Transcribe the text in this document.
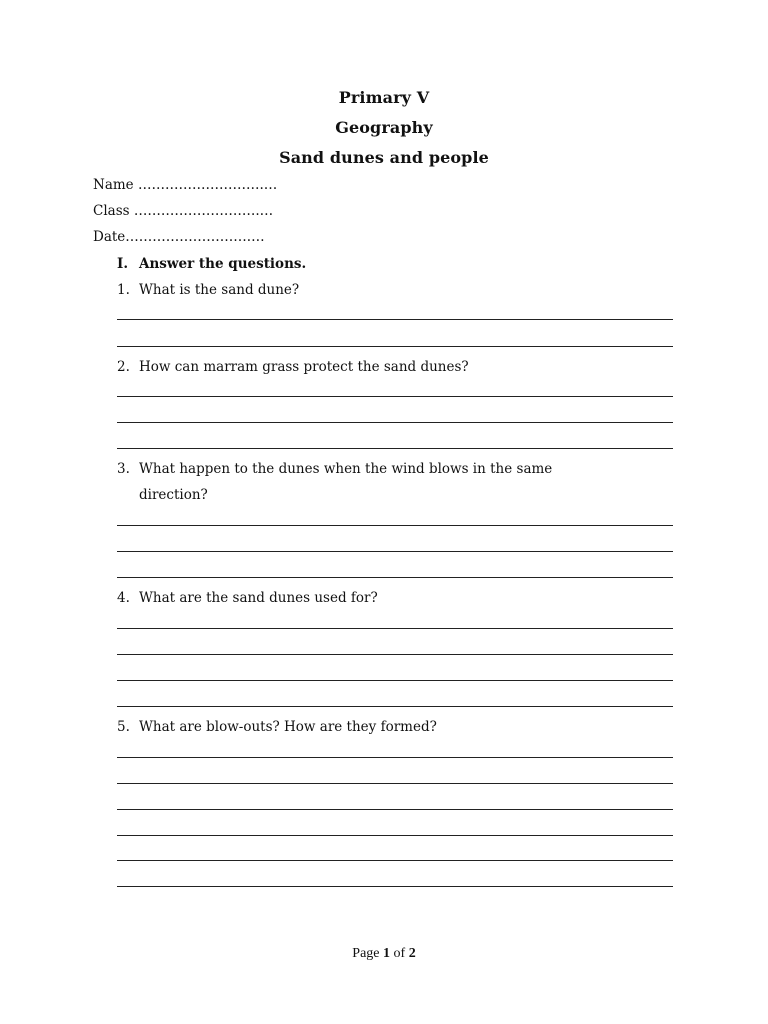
Primary V
Geography
Sand dunes and people
Name ……………………….…
Class ……………………….…
Date……………………….…
I. Answer the questions.
1. What is the sand dune?
2. How can marram grass protect the sand dunes?
3. What happen to the dunes when the wind blows in the same
direction?
4. What are the sand dunes used for?
5. What are blow-outs? How are they formed?
Page 1 of 2
